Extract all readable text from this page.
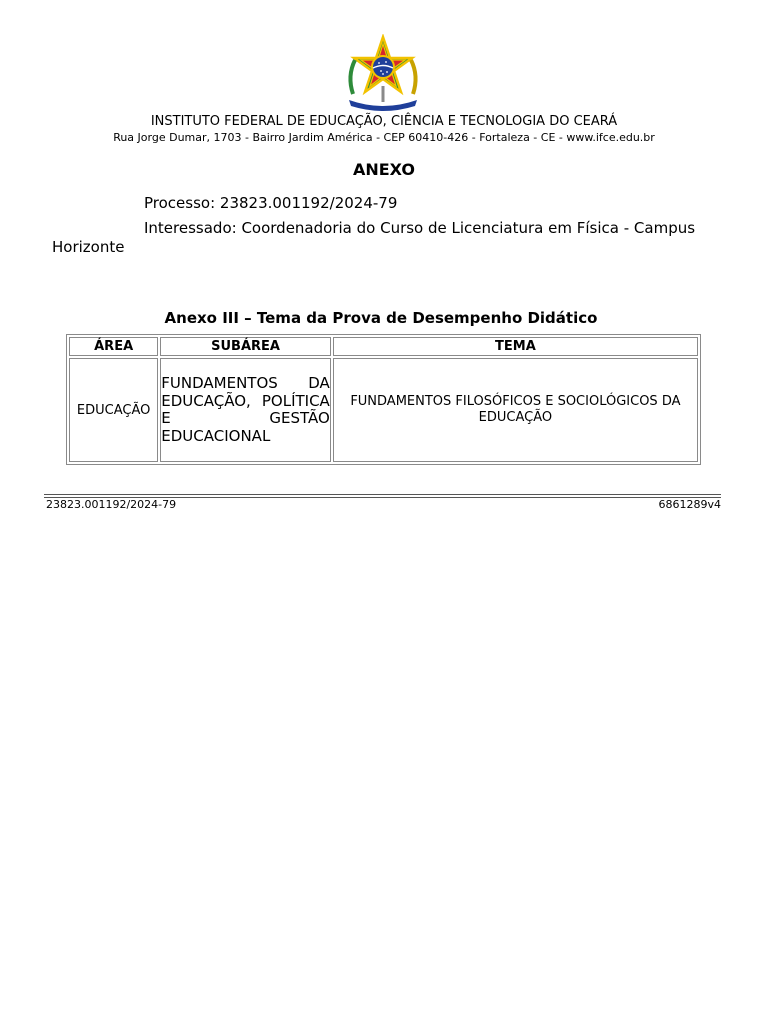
INSTITUTO FEDERAL DE EDUCAÇÃO, CIÊNCIA E TECNOLOGIA DO CEARÁ
Rua Jorge Dumar, 1703 - Bairro Jardim América - CEP 60410-426 - Fortaleza - CE - www.ifce.edu.br
ANEXO
Processo: 23823.001192/2024-79
Interessado: Coordenadoria do Curso de Licenciatura em Física - Campus
Horizonte
Anexo III – Tema da Prova de Desempenho Didático
ÁREA	SUBÁREA	TEMA
EDUCAÇÃO	FUNDAMENTOS DA EDUCAÇÃO, POLÍTICA E GESTÃO EDUCACIONAL	FUNDAMENTOS FILOSÓFICOS E SOCIOLÓGICOS DA EDUCAÇÃO
23823.001192/2024-79	6861289v4
